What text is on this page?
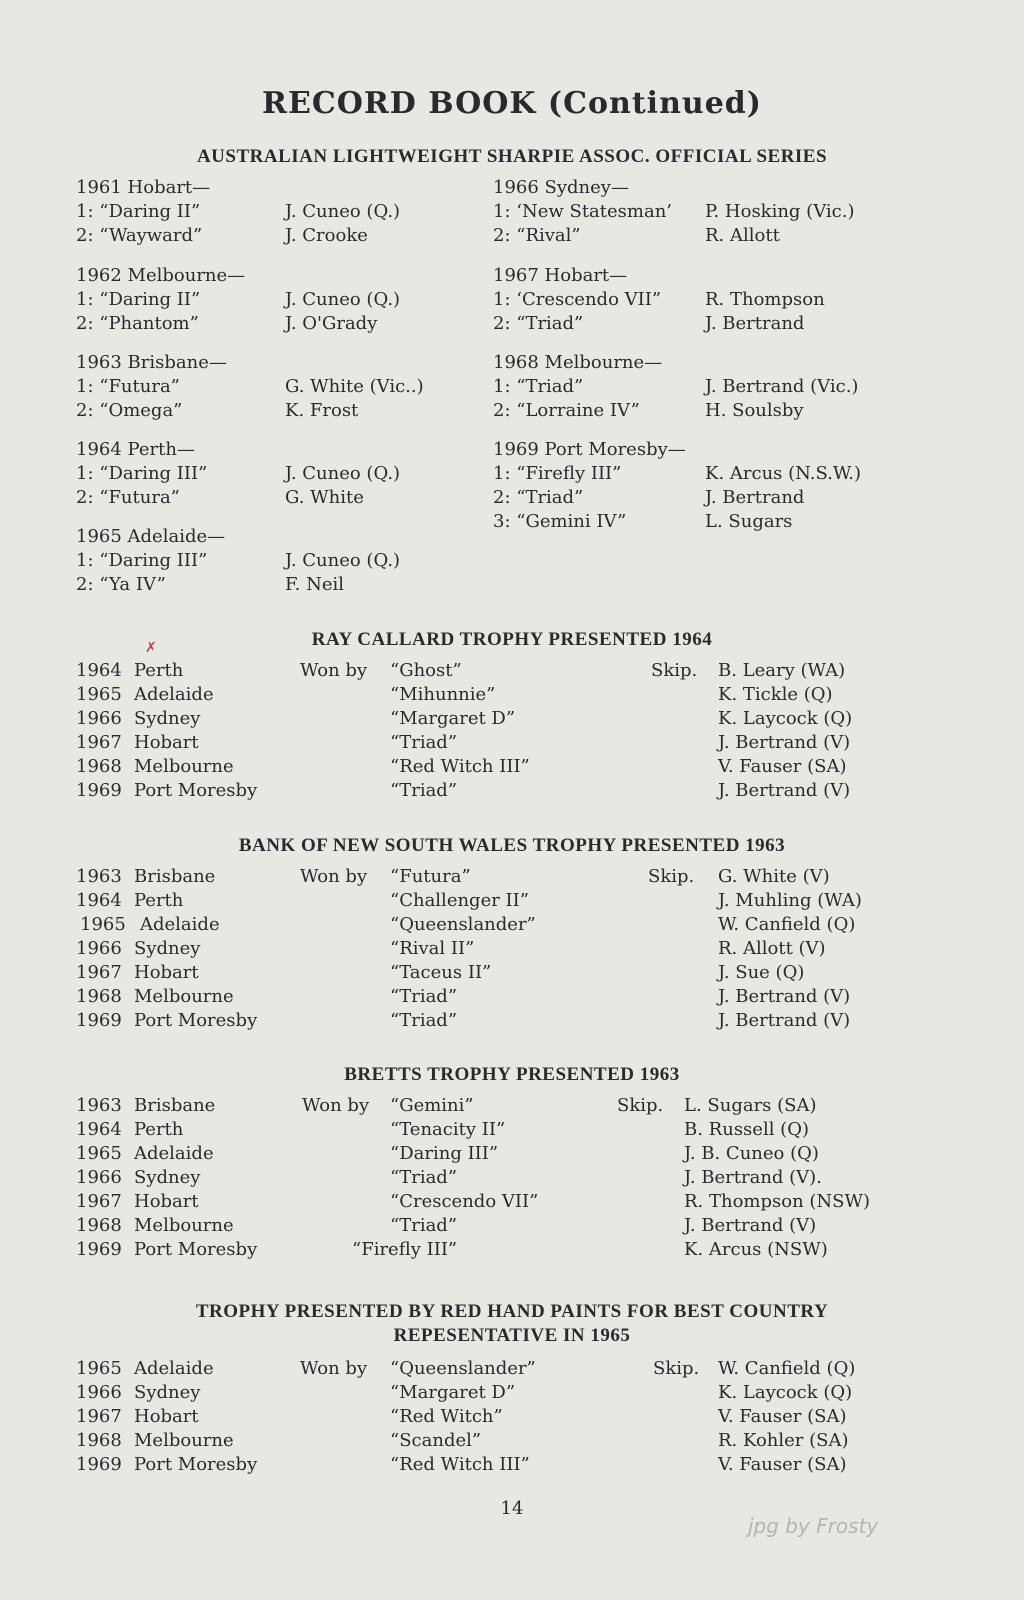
RECORD BOOK (Continued)
AUSTRALIAN LIGHTWEIGHT SHARPIE ASSOC. OFFICIAL SERIES
1961 Hobart—
1: “Daring II”	J. Cuneo (Q.)
2: “Wayward”	J. Crooke
1962 Melbourne—
1: “Daring II”	J. Cuneo (Q.)
2: “Phantom”	J. O'Grady
1963 Brisbane—
1: “Futura”	G. White (Vic..)
2: “Omega”	K. Frost
1964 Perth—
1: “Daring III”	J. Cuneo (Q.)
2: “Futura”	G. White
1965 Adelaide—
1: “Daring III”	J. Cuneo (Q.)
2: “Ya IV”	F. Neil
1966 Sydney—
1: ‘New Statesman’ P. Hosking (Vic.)
2: “Rival”	R. Allott
1967 Hobart—
1: ‘Crescendo VII” R. Thompson
2: “Triad”	J. Bertrand
1968 Melbourne—
1: “Triad”	J. Bertrand (Vic.)
2: “Lorraine IV”	H. Soulsby
1969 Port Moresby—
1: “Firefly III”	K. Arcus (N.S.W.)
2: “Triad”	J. Bertrand
3: “Gemini IV”	L. Sugars
✗	RAY CALLARD TROPHY PRESENTED 1964
1964 Perth	Won by “Ghost”	Skip. B. Leary (WA)
1965 Adelaide	“Mihunnie”	K. Tickle (Q)
1966 Sydney	“Margaret D”	K. Laycock (Q)
1967 Hobart	“Triad”	J. Bertrand (V)
1968 Melbourne	“Red Witch III”	V. Fauser (SA)
1969 Port Moresby	“Triad”	J. Bertrand (V)
BANK OF NEW SOUTH WALES TROPHY PRESENTED 1963
1963 Brisbane	Won by “Futura”	Skip. G. White (V)
1964 Perth	“Challenger II”	J. Muhling (WA)
1965 Adelaide	“Queenslander”	W. Canfield (Q)
1966 Sydney	“Rival II”	R. Allott (V)
1967 Hobart	“Taceus II”	J. Sue (Q)
1968 Melbourne	“Triad”	J. Bertrand (V)
1969 Port Moresby	“Triad”	J. Bertrand (V)
BRETTS TROPHY PRESENTED 1963
1963 Brisbane	Won by “Gemini”	Skip. L. Sugars (SA)
1964 Perth	“Tenacity II”	B. Russell (Q)
1965 Adelaide	“Daring III”	J. B. Cuneo (Q)
1966 Sydney	“Triad”	J. Bertrand (V).
1967 Hobart	“Crescendo VII”	R. Thompson (NSW)
1968 Melbourne	“Triad”	J. Bertrand (V)
1969 Port Moresby	“Firefly III”	K. Arcus (NSW)
TROPHY PRESENTED BY RED HAND PAINTS FOR BEST COUNTRY
REPESENTATIVE IN 1965
1965 Adelaide	Won by “Queenslander”	Skip. W. Canfield (Q)
1966 Sydney	“Margaret D”	K. Laycock (Q)
1967 Hobart	“Red Witch”	V. Fauser (SA)
1968 Melbourne	“Scandel”	R. Kohler (SA)
1969 Port Moresby	“Red Witch III”	V. Fauser (SA)
14
jpg by Frosty
